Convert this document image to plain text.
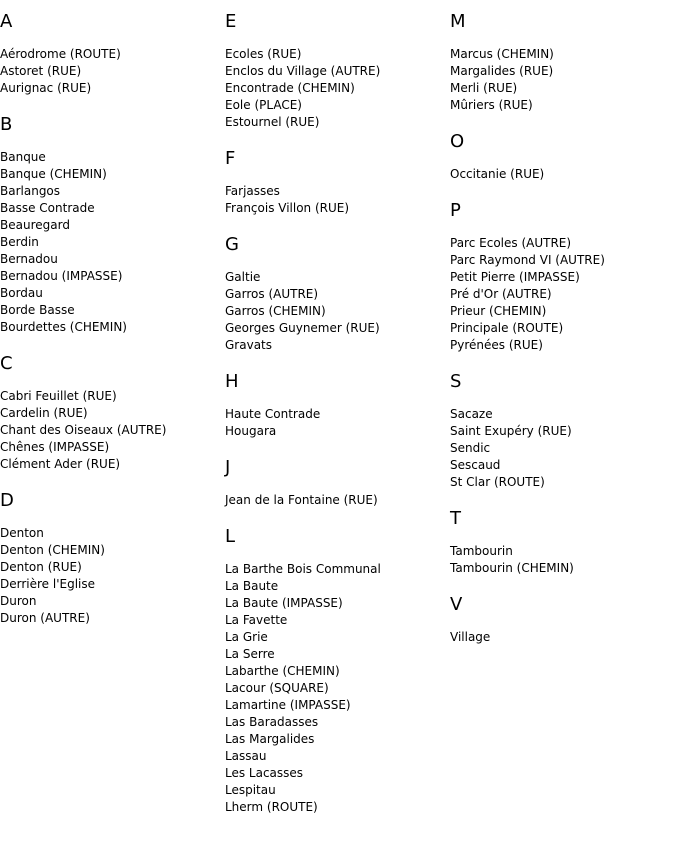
A
Aérodrome (ROUTE)
Astoret (RUE)
Aurignac (RUE)
B
Banque
Banque (CHEMIN)
Barlangos
Basse Contrade
Beauregard
Berdin
Bernadou
Bernadou (IMPASSE)
Bordau
Borde Basse
Bourdettes (CHEMIN)
C
Cabri Feuillet (RUE)
Cardelin (RUE)
Chant des Oiseaux (AUTRE)
Chênes (IMPASSE)
Clément Ader (RUE)
D
Denton
Denton (CHEMIN)
Denton (RUE)
Derrière l'Eglise
Duron
Duron (AUTRE)
E
Ecoles (RUE)
Enclos du Village (AUTRE)
Encontrade (CHEMIN)
Eole (PLACE)
Estournel (RUE)
F
Farjasses
François Villon (RUE)
G
Galtie
Garros (AUTRE)
Garros (CHEMIN)
Georges Guynemer (RUE)
Gravats
H
Haute Contrade
Hougara
J
Jean de la Fontaine (RUE)
L
La Barthe Bois Communal
La Baute
La Baute (IMPASSE)
La Favette
La Grie
La Serre
Labarthe (CHEMIN)
Lacour (SQUARE)
Lamartine (IMPASSE)
Las Baradasses
Las Margalides
Lassau
Les Lacasses
Lespitau
Lherm (ROUTE)
M
Marcus (CHEMIN)
Margalides (RUE)
Merli (RUE)
Mûriers (RUE)
O
Occitanie (RUE)
P
Parc Ecoles (AUTRE)
Parc Raymond VI (AUTRE)
Petit Pierre (IMPASSE)
Pré d'Or (AUTRE)
Prieur (CHEMIN)
Principale (ROUTE)
Pyrénées (RUE)
S
Sacaze
Saint Exupéry (RUE)
Sendic
Sescaud
St Clar (ROUTE)
T
Tambourin
Tambourin (CHEMIN)
V
Village
